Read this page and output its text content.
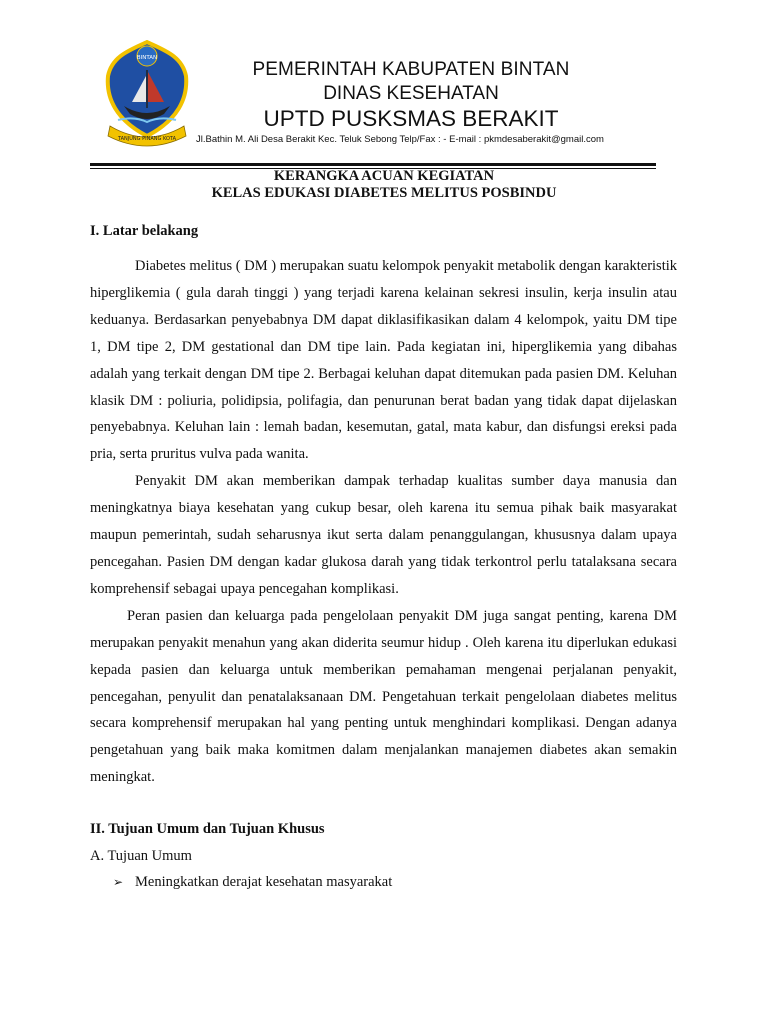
BINTAN
TANJUNG PINANG KOTA
PEMERINTAH KABUPATEN BINTAN
DINAS KESEHATAN
UPTD PUSKSMAS BERAKIT
Jl.Bathin M. Ali Desa Berakit Kec. Teluk Sebong Telp/Fax : - E-mail : pkmdesaberakit@gmail.com
KERANGKA ACUAN KEGIATAN
KELAS EDUKASI DIABETES MELITUS POSBINDU
I. Latar belakang

Diabetes melitus ( DM ) merupakan suatu kelompok penyakit metabolik dengan karakteristik hiperglikemia ( gula darah tinggi ) yang terjadi karena kelainan sekresi insulin, kerja insulin atau keduanya. Berdasarkan penyebabnya DM dapat diklasifikasikan dalam 4 kelompok, yaitu DM tipe 1, DM tipe 2, DM gestational dan DM tipe lain. Pada kegiatan ini, hiperglikemia yang dibahas adalah yang terkait dengan DM tipe 2. Berbagai keluhan dapat ditemukan pada pasien DM. Keluhan klasik DM : poliuria, polidipsia, polifagia, dan penurunan berat badan yang tidak dapat dijelaskan penyebabnya. Keluhan lain : lemah badan, kesemutan, gatal, mata kabur, dan disfungsi ereksi pada pria, serta pruritus vulva pada wanita.

Penyakit DM akan memberikan dampak terhadap kualitas sumber daya manusia dan meningkatnya biaya kesehatan yang cukup besar, oleh karena itu semua pihak baik masyarakat maupun pemerintah, sudah seharusnya ikut serta dalam penanggulangan, khususnya dalam upaya pencegahan. Pasien DM dengan kadar glukosa darah yang tidak terkontrol perlu tatalaksana secara komprehensif sebagai upaya pencegahan komplikasi.

Peran pasien dan keluarga pada pengelolaan penyakit DM juga sangat penting, karena DM merupakan penyakit menahun yang akan diderita seumur hidup . Oleh karena itu diperlukan edukasi kepada pasien dan keluarga untuk memberikan pemahaman mengenai perjalanan penyakit, pencegahan, penyulit dan penatalaksanaan DM. Pengetahuan terkait pengelolaan diabetes melitus secara komprehensif merupakan hal yang penting untuk menghindari komplikasi. Dengan adanya pengetahuan yang baik maka komitmen dalam menjalankan manajemen diabetes akan semakin meningkat.

II. Tujuan Umum dan Tujuan Khusus
A. Tujuan Umum
➢ Meningkatkan derajat kesehatan masyarakat
